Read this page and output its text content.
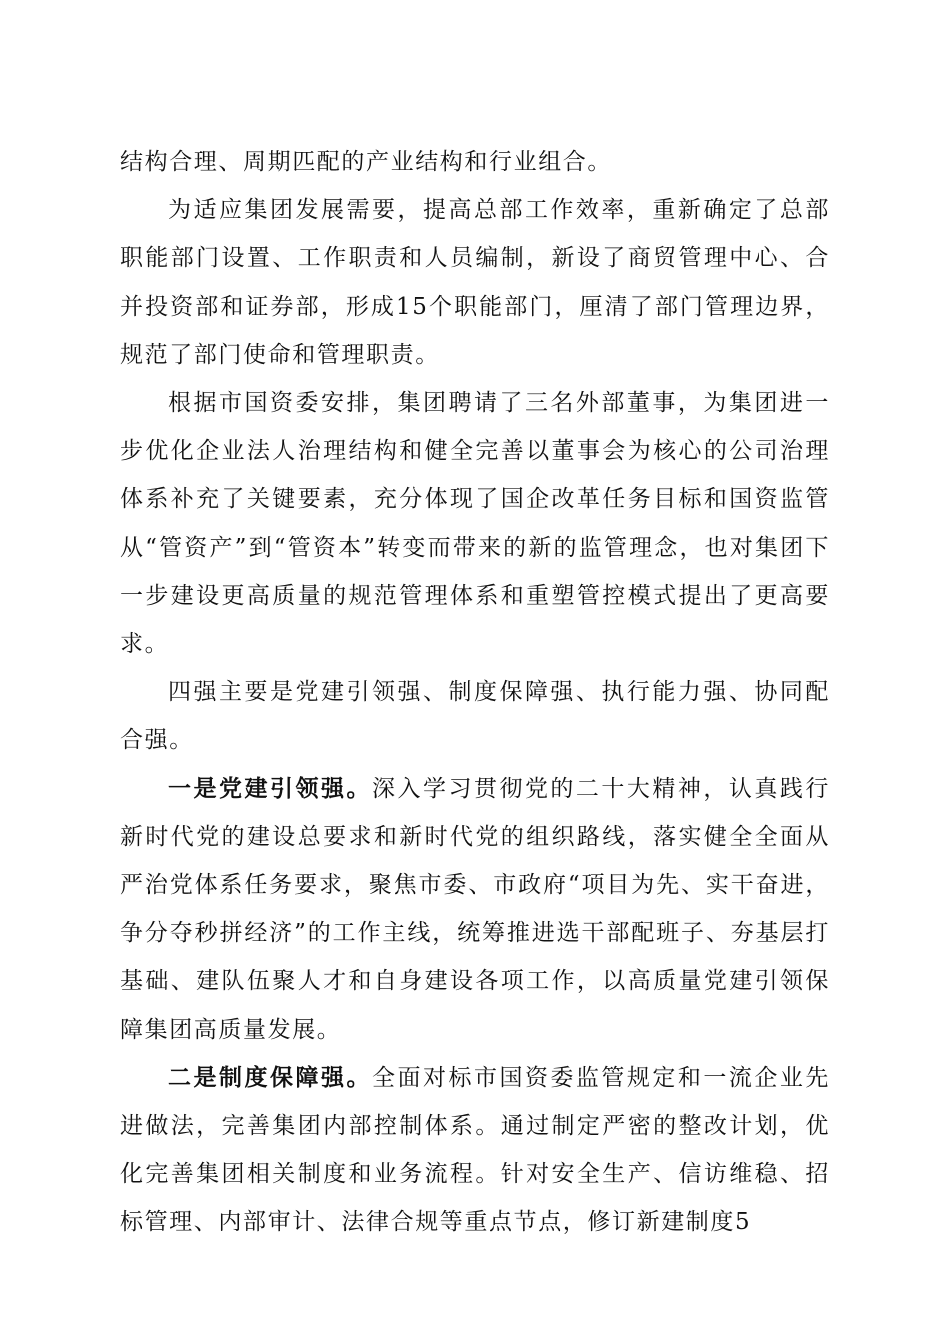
结构合理、周期匹配的产业结构和行业组合。

为适应集团发展需要，提高总部工作效率，重新确定了总部职能部门设置、工作职责和人员编制，新设了商贸管理中心、合并投资部和证券部，形成15个职能部门，厘清了部门管理边界，规范了部门使命和管理职责。

根据市国资委安排，集团聘请了三名外部董事，为集团进一步优化企业法人治理结构和健全完善以董事会为核心的公司治理体系补充了关键要素，充分体现了国企改革任务目标和国资监管从“管资产”到“管资本”转变而带来的新的监管理念，也对集团下一步建设更高质量的规范管理体系和重塑管控模式提出了更高要求。

四强主要是党建引领强、制度保障强、执行能力强、协同配合强。

一是党建引领强。深入学习贯彻党的二十大精神，认真践行新时代党的建设总要求和新时代党的组织路线，落实健全全面从严治党体系任务要求，聚焦市委、市政府“项目为先、实干奋进，争分夺秒拼经济”的工作主线，统筹推进选干部配班子、夯基层打基础、建队伍聚人才和自身建设各项工作，以高质量党建引领保障集团高质量发展。

二是制度保障强。全面对标市国资委监管规定和一流企业先进做法，完善集团内部控制体系。通过制定严密的整改计划，优化完善集团相关制度和业务流程。针对安全生产、信访维稳、招标管理、内部审计、法律合规等重点节点，修订新建制度5
